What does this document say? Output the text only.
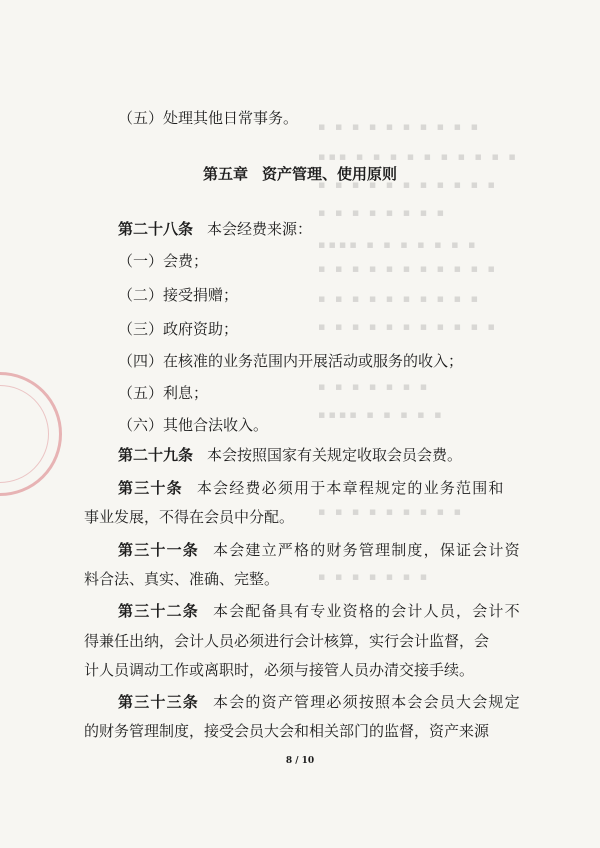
▪ ▪ ▪ ▪ ▪ ▪ ▪ ▪ ▪ ▪
▪▪▪ ▪ ▪ ▪ ▪ ▪ ▪ ▪ ▪ ▪ ▪
▪ ▪ ▪ ▪ ▪ ▪ ▪ ▪ ▪ ▪ ▪
▪ ▪ ▪ ▪ ▪ ▪ ▪ ▪
▪▪▪▪ ▪ ▪ ▪ ▪ ▪ ▪ ▪
▪ ▪ ▪ ▪ ▪ ▪ ▪ ▪ ▪ ▪ ▪
▪ ▪ ▪ ▪ ▪ ▪ ▪ ▪ ▪ ▪
▪ ▪ ▪ ▪ ▪ ▪ ▪ ▪ ▪ ▪ ▪
▪ ▪ ▪ ▪ ▪ ▪ ▪
▪▪▪▪ ▪ ▪ ▪ ▪ ▪
▪ ▪ ▪ ▪ ▪ ▪ ▪ ▪ ▪
▪ ▪ ▪ ▪ ▪ ▪ ▪
（五）处理其他日常事务。
第五章 资产管理、使用原则
第二十八条 本会经费来源：
（一）会费；
（二）接受捐赠；
（三）政府资助；
（四）在核准的业务范围内开展活动或服务的收入；
（五）利息；
（六）其他合法收入。
第二十九条 本会按照国家有关规定收取会员会费。
第三十条 本会经费必须用于本章程规定的业务范围和
事业发展，不得在会员中分配。
第三十一条 本会建立严格的财务管理制度，保证会计资
料合法、真实、准确、完整。
第三十二条 本会配备具有专业资格的会计人员，会计不
得兼任出纳，会计人员必须进行会计核算，实行会计监督，会
计人员调动工作或离职时，必须与接管人员办清交接手续。
第三十三条 本会的资产管理必须按照本会会员大会规定
的财务管理制度，接受会员大会和相关部门的监督，资产来源
8 / 10
